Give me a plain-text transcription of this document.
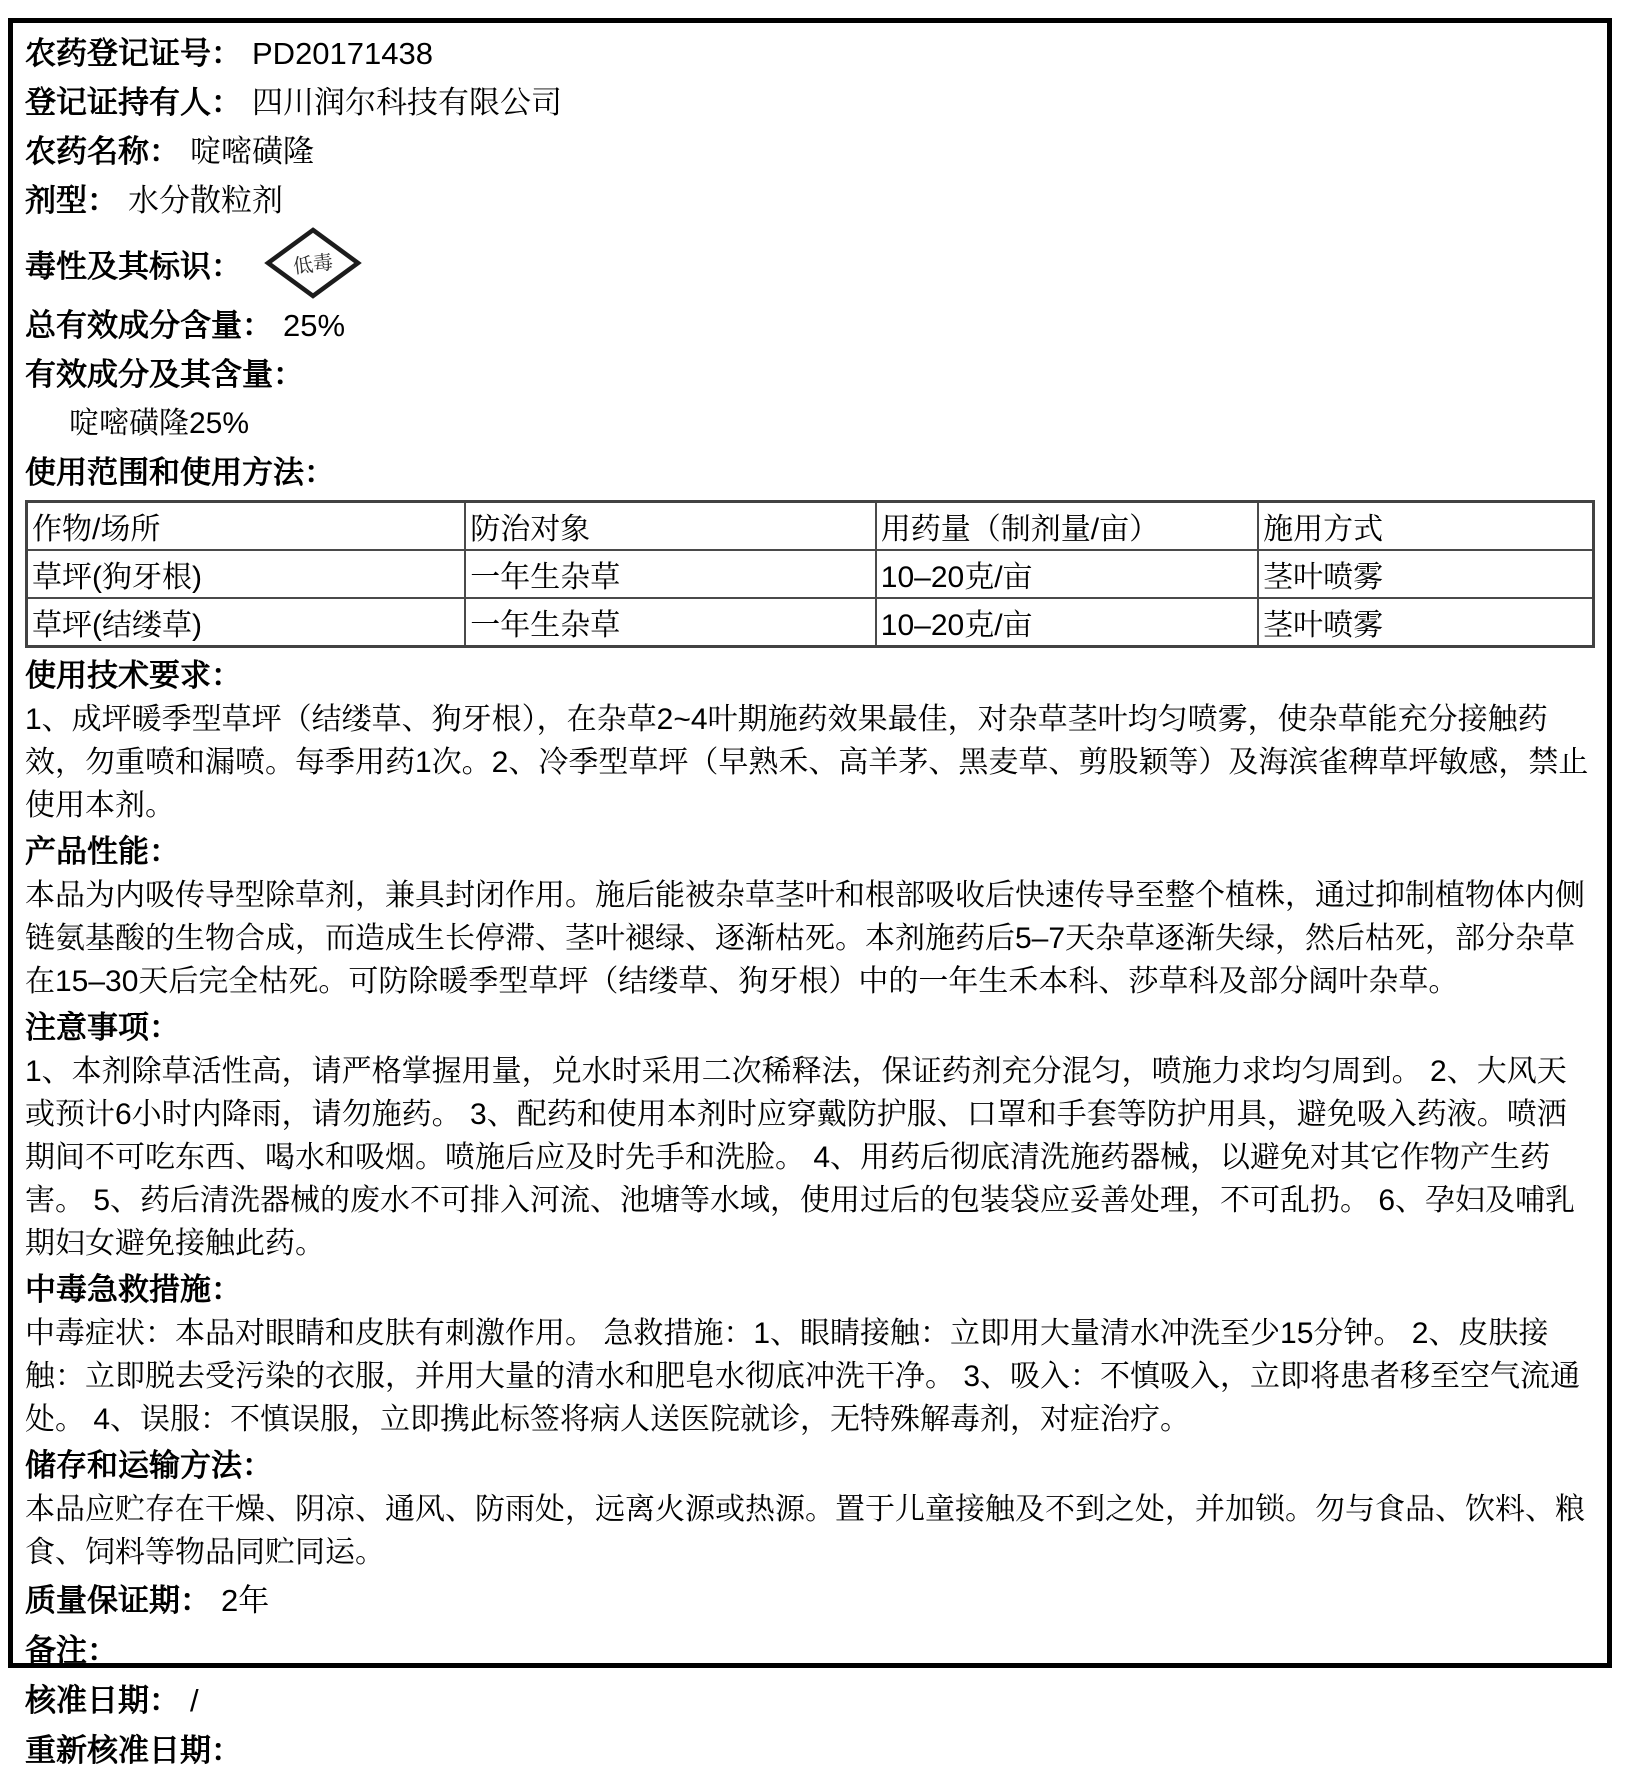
农药登记证号： PD20171438
登记证持有人： 四川润尔科技有限公司
农药名称： 啶嘧磺隆
剂型： 水分散粒剂
毒性及其标识： 低毒
总有效成分含量： 25%
有效成分及其含量：
啶嘧磺隆25%
使用范围和使用方法：
作物/场所	防治对象	用药量（制剂量/亩）	施用方式
草坪(狗牙根)	一年生杂草	10–20克/亩	茎叶喷雾
草坪(结缕草)	一年生杂草	10–20克/亩	茎叶喷雾
使用技术要求：
1、成坪暖季型草坪（结缕草、狗牙根），在杂草2~4叶期施药效果最佳，对杂草茎叶均匀喷雾，使杂草能充分接触药效，勿重喷和漏喷。每季用药1次。2、冷季型草坪（早熟禾、高羊茅、黑麦草、剪股颖等）及海滨雀稗草坪敏感，禁止使用本剂。
产品性能：
本品为内吸传导型除草剂，兼具封闭作用。施后能被杂草茎叶和根部吸收后快速传导至整个植株，通过抑制植物体内侧链氨基酸的生物合成，而造成生长停滞、茎叶褪绿、逐渐枯死。本剂施药后5–7天杂草逐渐失绿，然后枯死，部分杂草在15–30天后完全枯死。可防除暖季型草坪（结缕草、狗牙根）中的一年生禾本科、莎草科及部分阔叶杂草。
注意事项：
1、本剂除草活性高，请严格掌握用量，兑水时采用二次稀释法，保证药剂充分混匀，喷施力求均匀周到。 2、大风天或预计6小时内降雨，请勿施药。 3、配药和使用本剂时应穿戴防护服、口罩和手套等防护用具，避免吸入药液。喷洒期间不可吃东西、喝水和吸烟。喷施后应及时先手和洗脸。 4、用药后彻底清洗施药器械，以避免对其它作物产生药害。 5、药后清洗器械的废水不可排入河流、池塘等水域，使用过后的包装袋应妥善处理，不可乱扔。 6、孕妇及哺乳期妇女避免接触此药。
中毒急救措施：
中毒症状：本品对眼睛和皮肤有刺激作用。 急救措施：1、眼睛接触：立即用大量清水冲洗至少15分钟。 2、皮肤接触：立即脱去受污染的衣服，并用大量的清水和肥皂水彻底冲洗干净。 3、吸入：不慎吸入，立即将患者移至空气流通处。 4、误服：不慎误服，立即携此标签将病人送医院就诊，无特殊解毒剂，对症治疗。
储存和运输方法：
本品应贮存在干燥、阴凉、通风、防雨处，远离火源或热源。置于儿童接触及不到之处，并加锁。勿与食品、饮料、粮食、饲料等物品同贮同运。
质量保证期： 2年
备注：
核准日期： /
重新核准日期：
